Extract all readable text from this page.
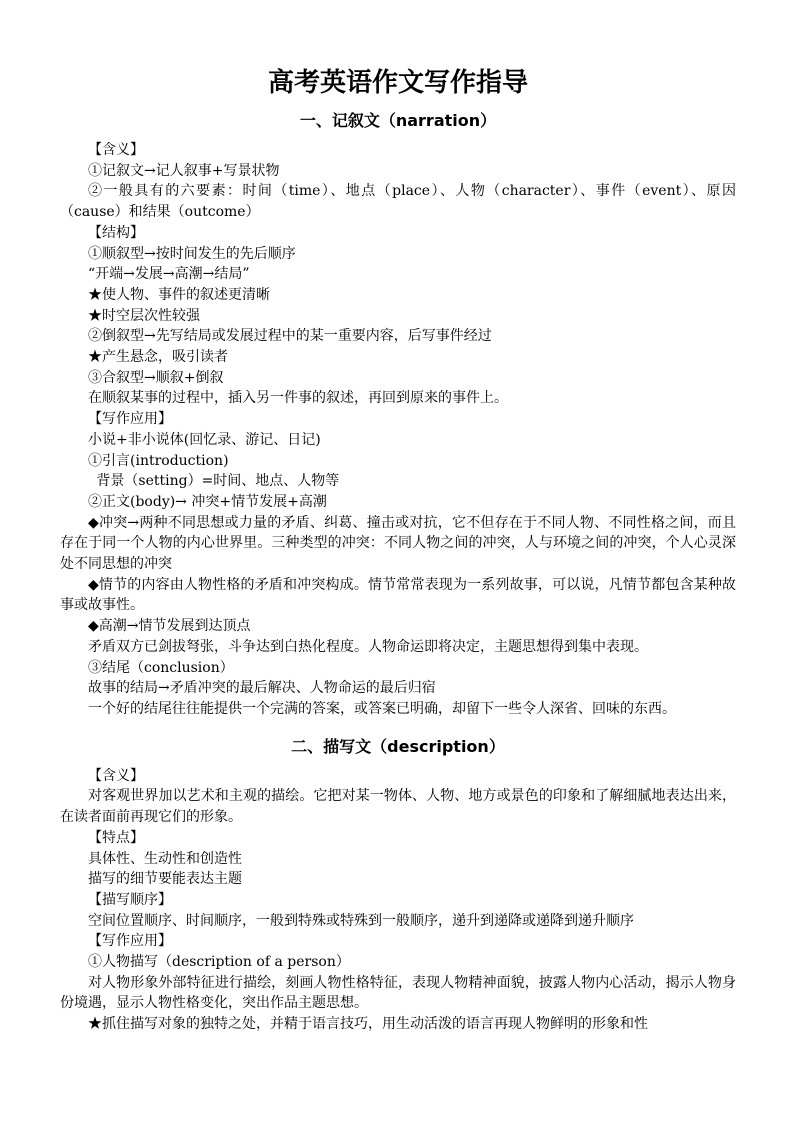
高考英语作文写作指导
一、记叙文（narration）

【含义】

①记叙文→记人叙事+写景状物

②一般具有的六要素：时间（time）、地点（place）、人物（character）、事件（event）、原因（cause）和结果（outcome）

【结构】

①顺叙型→按时间发生的先后顺序

“开端→发展→高潮→结局”

★使人物、事件的叙述更清晰

★时空层次性较强

②倒叙型→先写结局或发展过程中的某一重要内容，后写事件经过

★产生悬念，吸引读者

③合叙型→顺叙+倒叙

在顺叙某事的过程中，插入另一件事的叙述，再回到原来的事件上。

【写作应用】

小说+非小说体(回忆录、游记、日记)

①引言(introduction)

背景（setting）=时间、地点、人物等

②正文(body)→ 冲突+情节发展+高潮

◆冲突→两种不同思想或力量的矛盾、纠葛、撞击或对抗，它不但存在于不同人物、不同性格之间，而且存在于同一个人物的内心世界里。三种类型的冲突：不同人物之间的冲突，人与环境之间的冲突，个人心灵深处不同思想的冲突

◆情节的内容由人物性格的矛盾和冲突构成。情节常常表现为一系列故事，可以说，凡情节都包含某种故事或故事性。

◆高潮→情节发展到达顶点

矛盾双方已剑拔弩张，斗争达到白热化程度。人物命运即将决定，主题思想得到集中表现。

③结尾（conclusion）

故事的结局→矛盾冲突的最后解决、人物命运的最后归宿

一个好的结尾往往能提供一个完满的答案，或答案已明确，却留下一些令人深省、回味的东西。

二、描写文（description）

【含义】

对客观世界加以艺术和主观的描绘。它把对某一物体、人物、地方或景色的印象和了解细腻地表达出来，在读者面前再现它们的形象。

【特点】

具体性、生动性和创造性

描写的细节要能表达主题

【描写顺序】

空间位置顺序、时间顺序，一般到特殊或特殊到一般顺序，递升到递降或递降到递升顺序

【写作应用】

①人物描写（description of a person）

对人物形象外部特征进行描绘，刻画人物性格特征，表现人物精神面貌，披露人物内心活动，揭示人物身份境遇，显示人物性格变化，突出作品主题思想。

★抓住描写对象的独特之处，并精于语言技巧，用生动活泼的语言再现人物鲜明的形象和性
